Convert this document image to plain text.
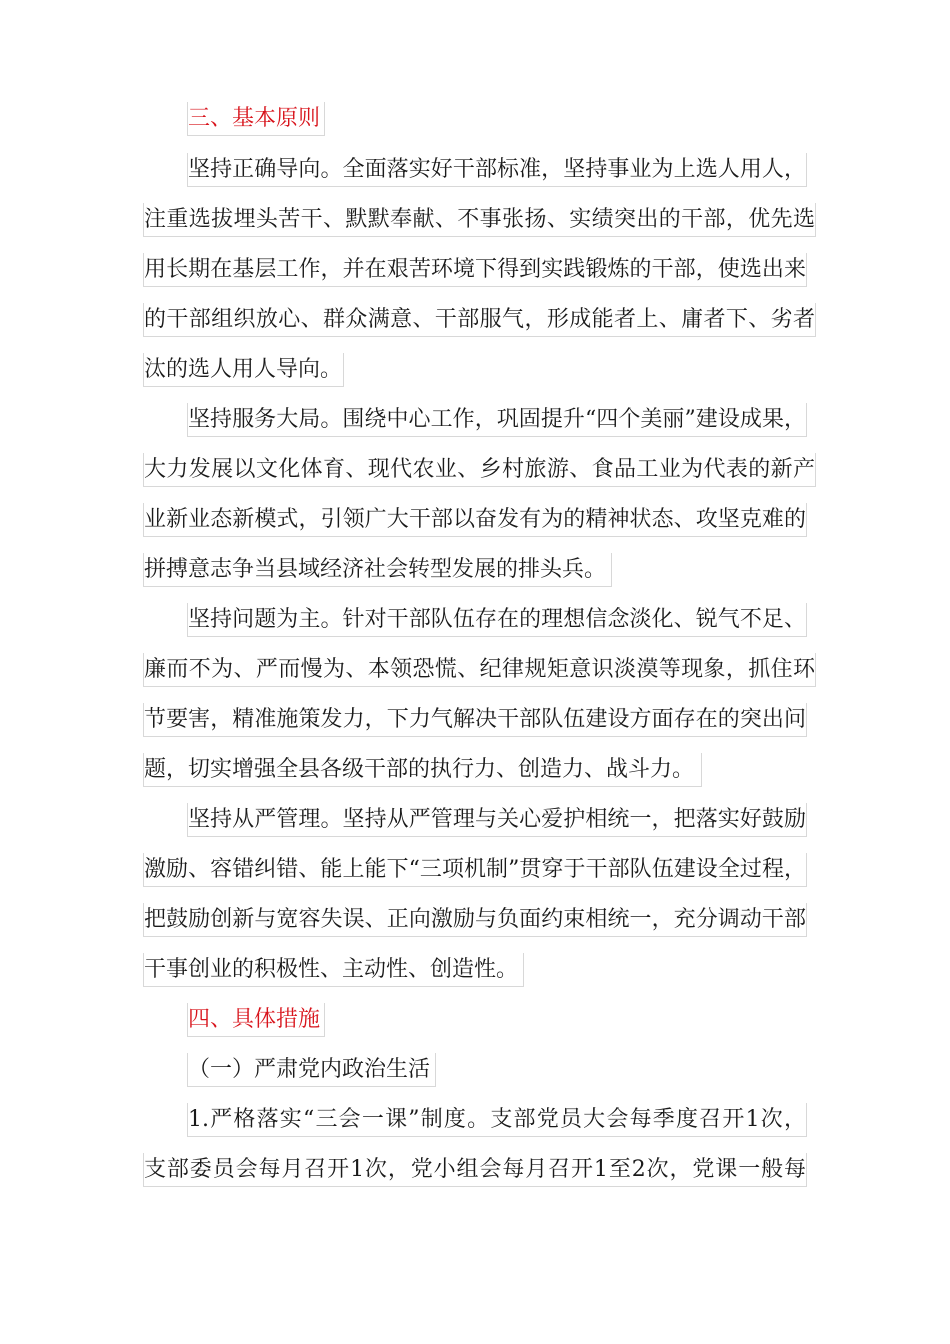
三、基本原则
坚持正确导向。全面落实好干部标准，坚持事业为上选人用人，
注重选拔埋头苦干、默默奉献、不事张扬、实绩突出的干部，优先选
用长期在基层工作，并在艰苦环境下得到实践锻炼的干部，使选出来
的干部组织放心、群众满意、干部服气，形成能者上、庸者下、劣者
汰的选人用人导向。
坚持服务大局。围绕中心工作，巩固提升“四个美丽”建设成果，
大力发展以文化体育、现代农业、乡村旅游、食品工业为代表的新产
业新业态新模式，引领广大干部以奋发有为的精神状态、攻坚克难的
拼搏意志争当县域经济社会转型发展的排头兵。
坚持问题为主。针对干部队伍存在的理想信念淡化、锐气不足、
廉而不为、严而慢为、本领恐慌、纪律规矩意识淡漠等现象，抓住环
节要害，精准施策发力，下力气解决干部队伍建设方面存在的突出问
题，切实增强全县各级干部的执行力、创造力、战斗力。
坚持从严管理。坚持从严管理与关心爱护相统一，把落实好鼓励
激励、容错纠错、能上能下“三项机制”贯穿于干部队伍建设全过程，
把鼓励创新与宽容失误、正向激励与负面约束相统一，充分调动干部
干事创业的积极性、主动性、创造性。
四、具体措施
（一）严肃党内政治生活
1.严格落实“三会一课”制度。支部党员大会每季度召开1次，
支部委员会每月召开1次，党小组会每月召开1至2次，党课一般每
